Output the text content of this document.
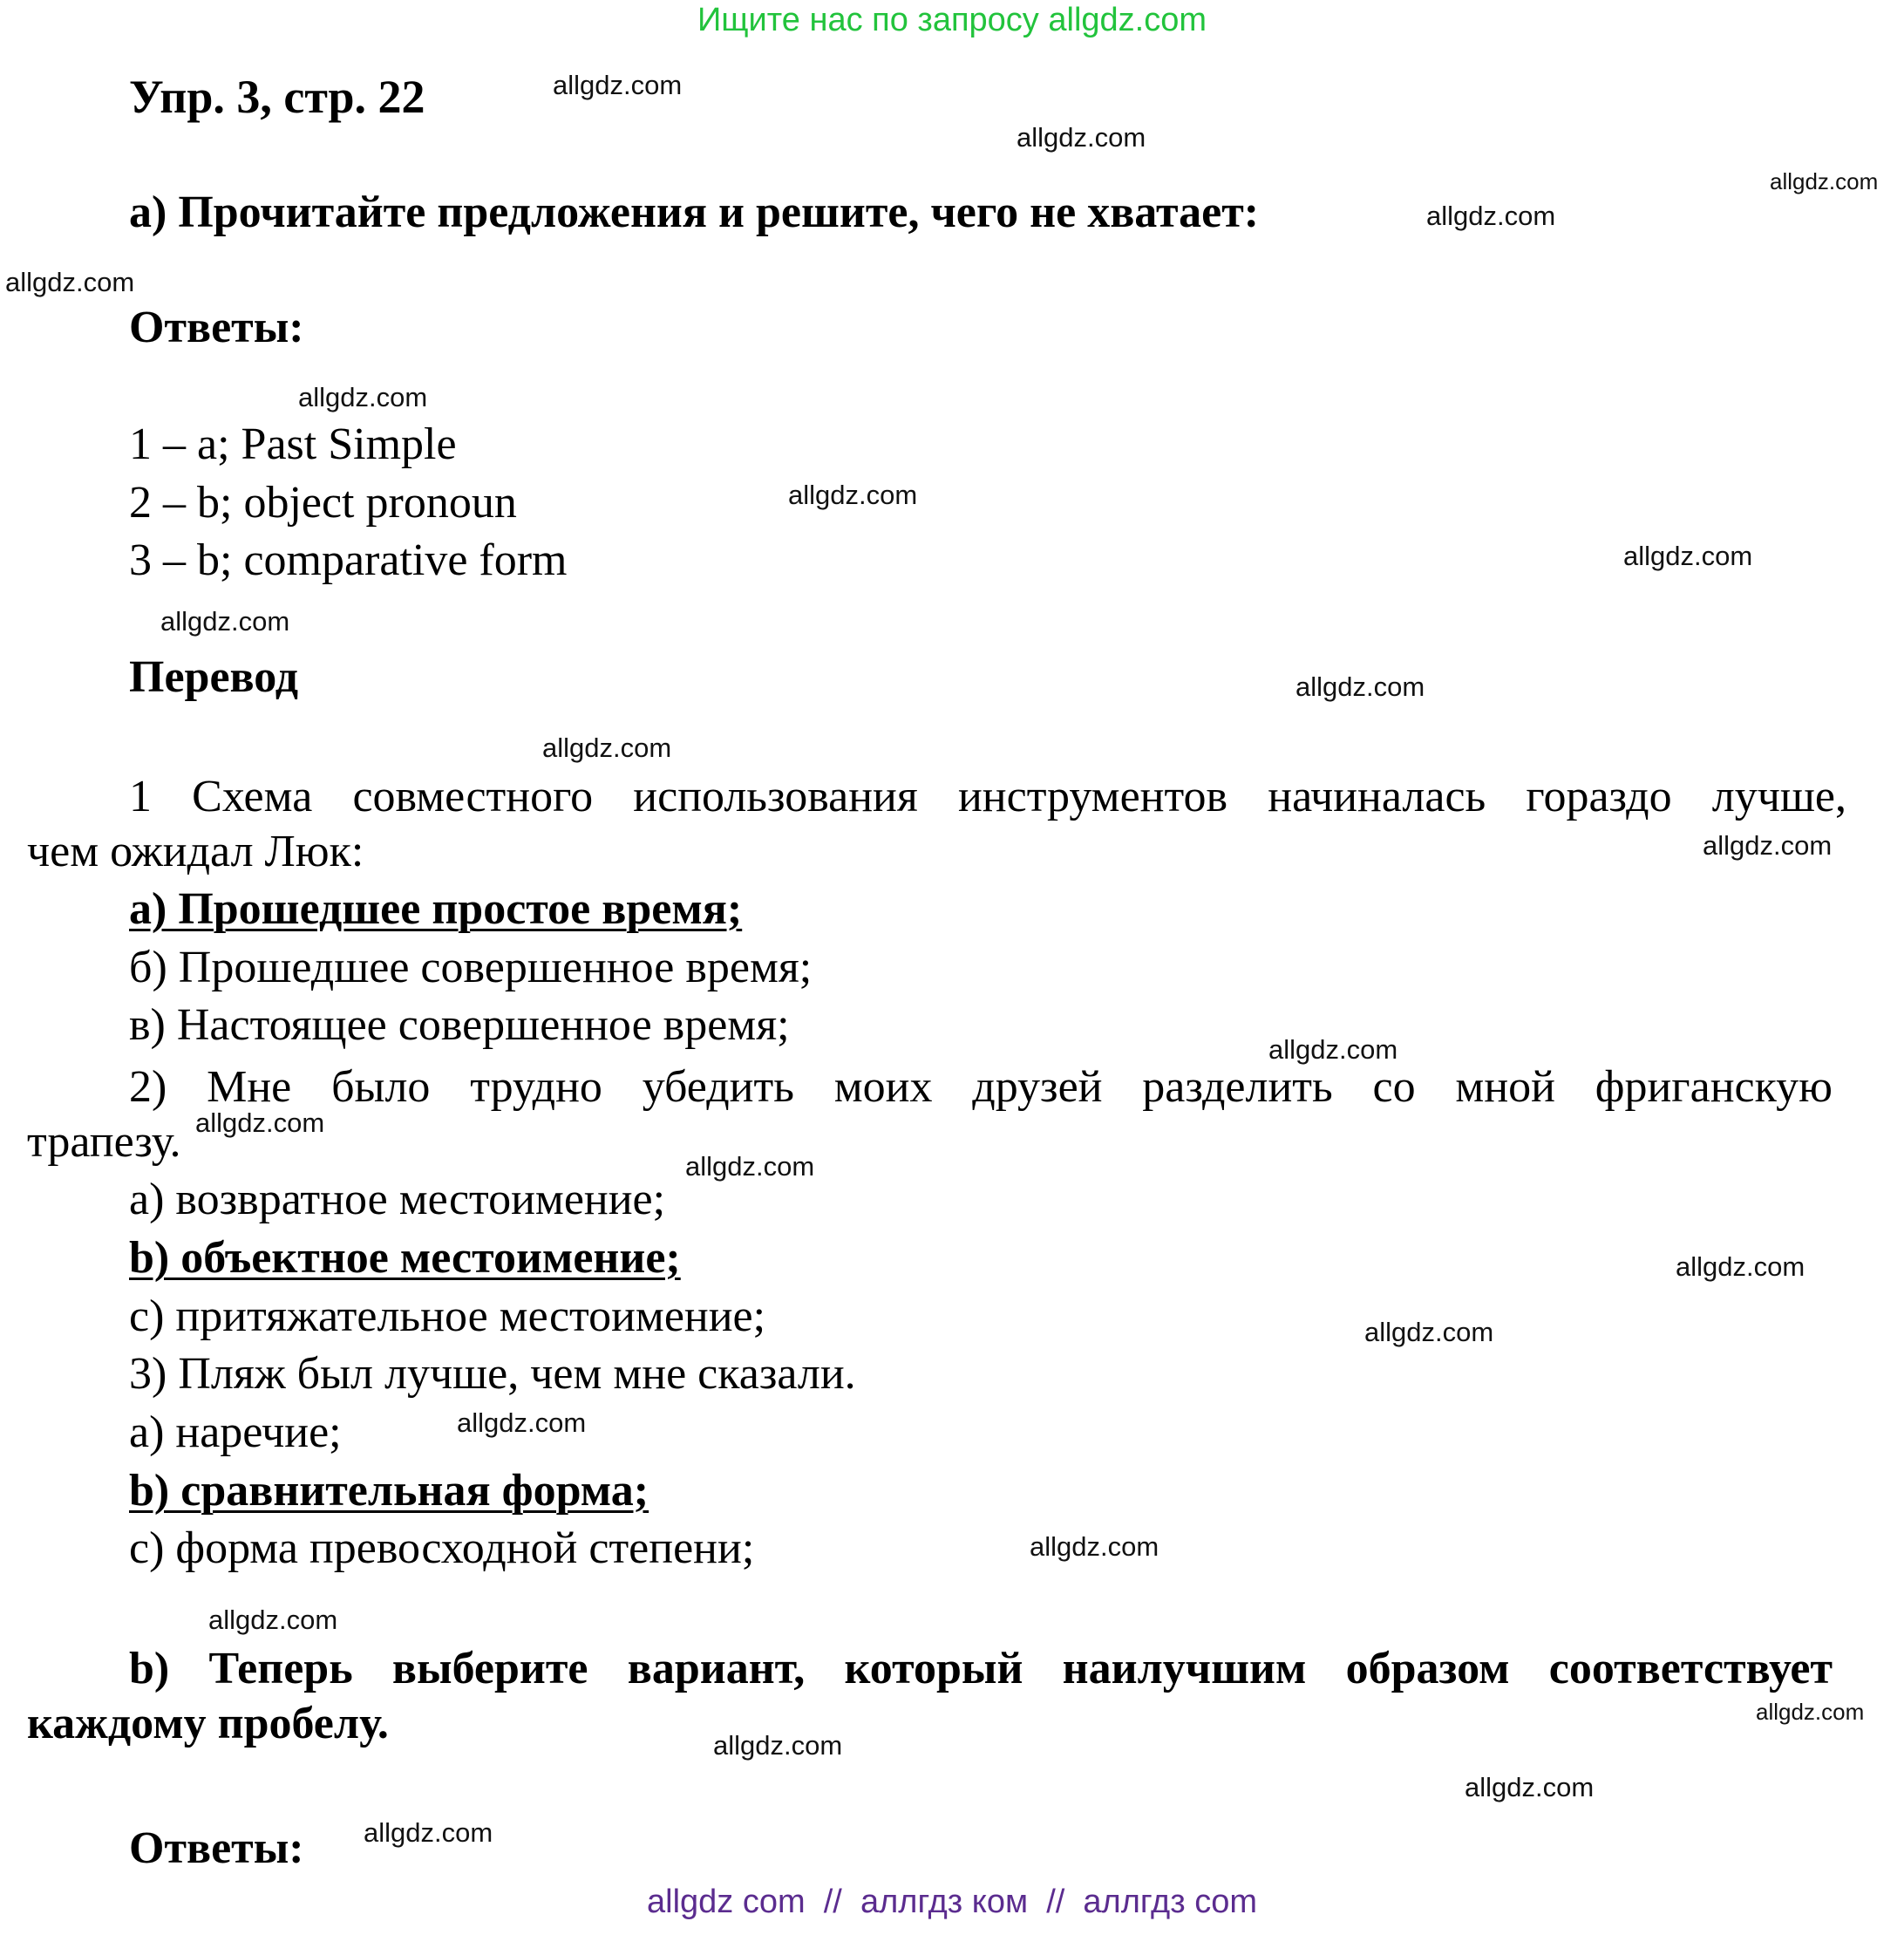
Ищите нас по запросу allgdz.com
Упр. 3, стр. 22
a) Прочитайте предложения и решите, чего не хватает:
Ответы:
1 – a; Past Simple
2 – b; object pronoun
3 – b; comparative form
Перевод
1 Схема совместного использования инструментов начиналась гораздо лучше,
чем ожидал Люк:
а) Прошедшее простое время;
б) Прошедшее совершенное время;
в) Настоящее совершенное время;
2) Мне было трудно убедить моих друзей разделить со мной фриганскую
трапезу.
а) возвратное местоимение;
b) объектное местоимение;
c) притяжательное местоимение;
3) Пляж был лучше, чем мне сказали.
а) наречие;
b) сравнительная форма;
c) форма превосходной степени;
b) Теперь выберите вариант, который наилучшим образом соответствует
каждому пробелу.
Ответы:
allgdz.com
allgdz.com
allgdz.com
allgdz.com
allgdz.com
allgdz.com
allgdz.com
allgdz.com
allgdz.com
allgdz.com
allgdz.com
allgdz.com
allgdz.com
allgdz.com
allgdz.com
allgdz.com
allgdz.com
allgdz.com
allgdz.com
allgdz.com
allgdz.com
allgdz.com
allgdz.com
allgdz.com
allgdz com  //  аллгдз ком  //  аллгдз com
